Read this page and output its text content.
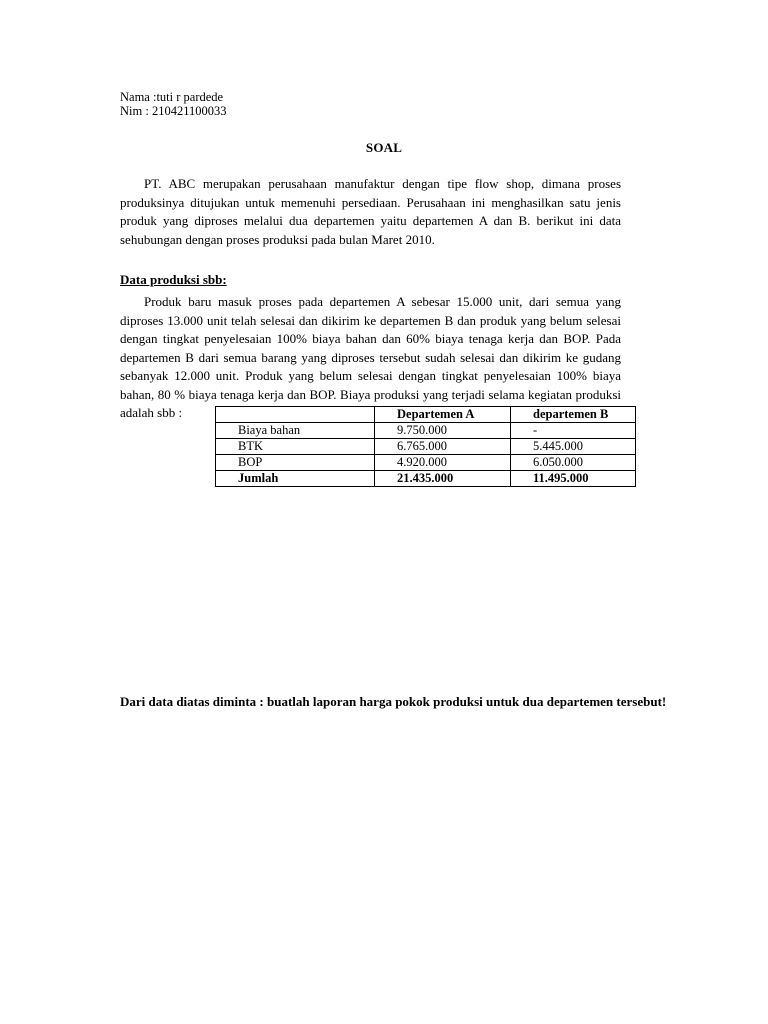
Nama :tuti r pardede
Nim : 210421100033
SOAL
PT. ABC merupakan perusahaan manufaktur dengan tipe flow shop, dimana proses produksinya ditujukan untuk memenuhi persediaan. Perusahaan ini menghasilkan satu jenis produk yang diproses melalui dua departemen yaitu departemen A dan B. berikut ini data sehubungan dengan proses produksi pada bulan Maret 2010.
Data produksi sbb:
Produk baru masuk proses pada departemen A sebesar 15.000 unit, dari semua yang diproses 13.000 unit telah selesai dan dikirim ke departemen B dan produk yang belum selesai dengan tingkat penyelesaian 100% biaya bahan dan 60% biaya tenaga kerja dan BOP. Pada departemen B dari semua barang yang diproses tersebut sudah selesai dan dikirim ke gudang sebanyak 12.000 unit. Produk yang belum selesai dengan tingkat penyelesaian 100% biaya bahan, 80 % biaya tenaga kerja dan BOP. Biaya produksi yang terjadi selama kegiatan produksi adalah sbb :
		Departemen A	departemen B
Biaya bahan	9.750.000	-
BTK	6.765.000	5.445.000
BOP	4.920.000	6.050.000
Jumlah	21.435.000	11.495.000
Dari data diatas diminta : buatlah laporan harga pokok produksi untuk dua departemen tersebut!
